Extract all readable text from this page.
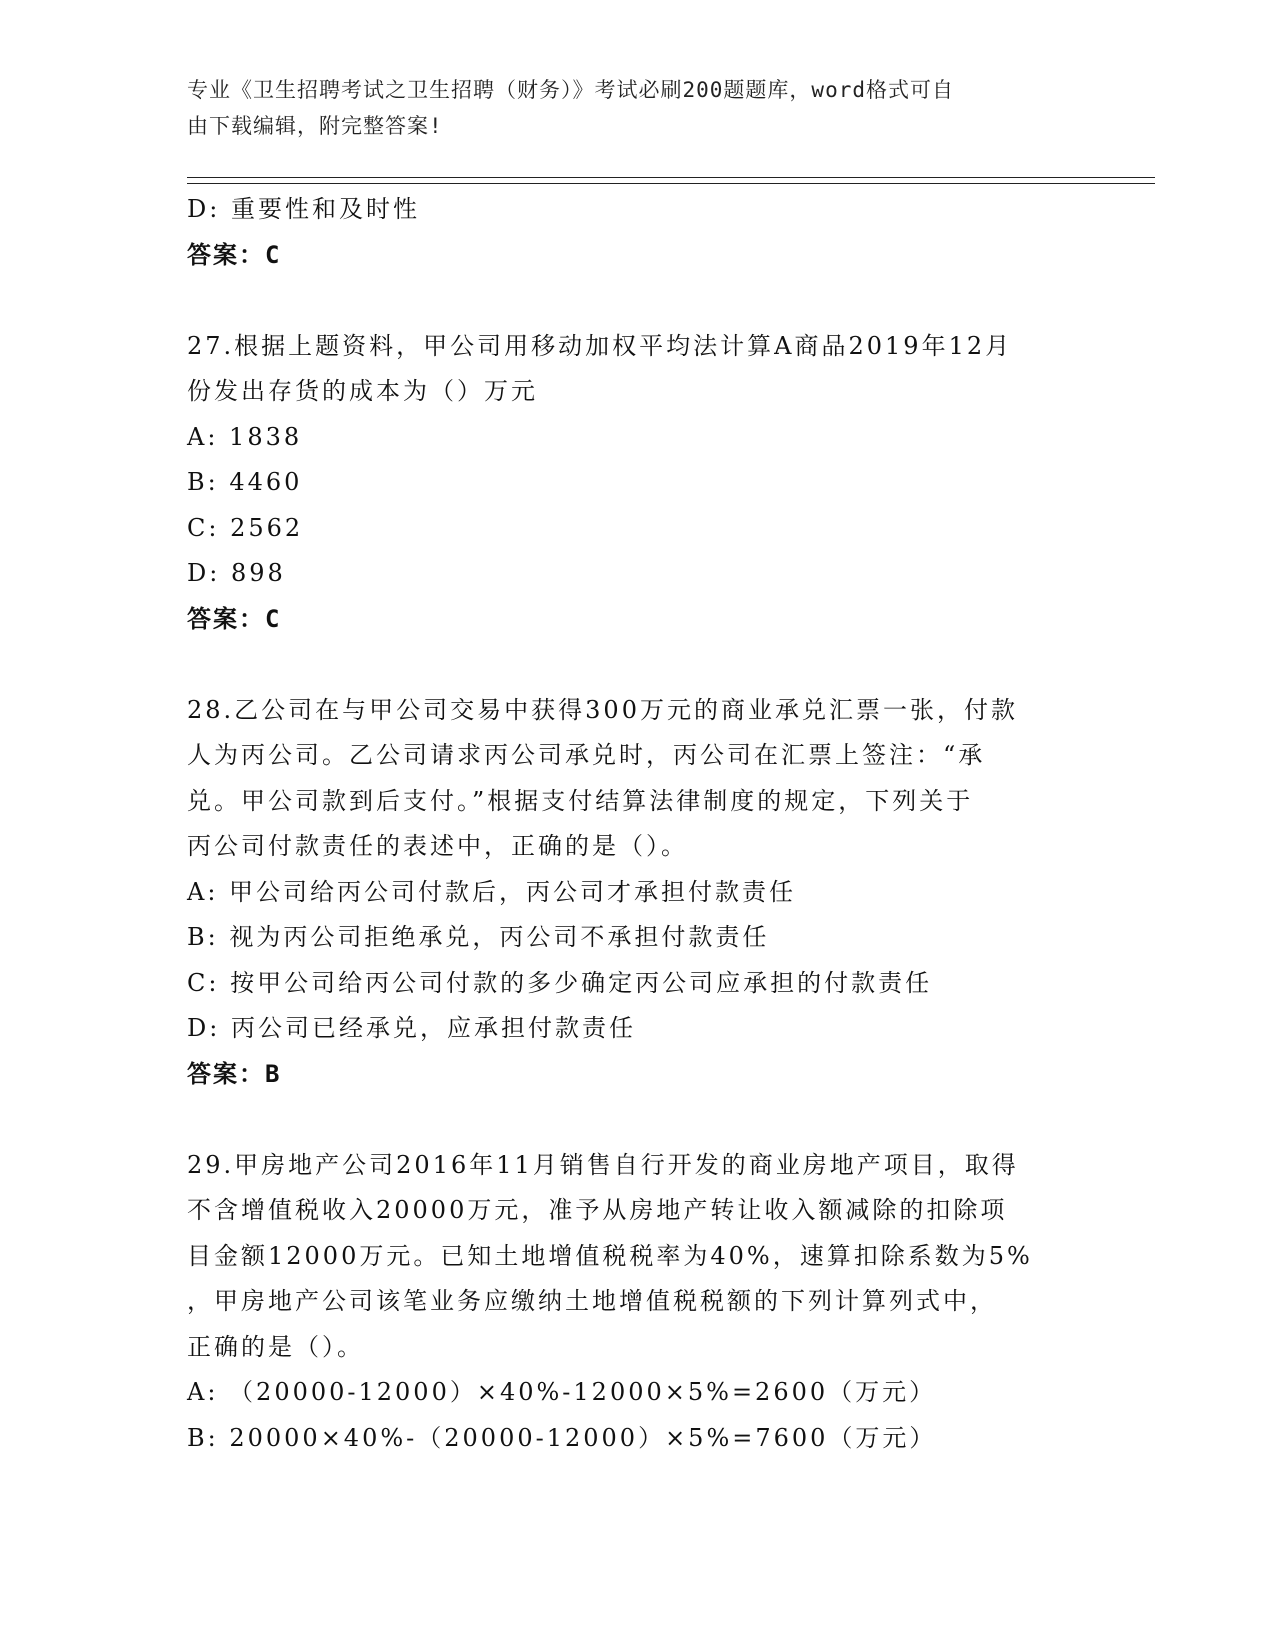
专业《卫生招聘考试之卫生招聘（财务）》考试必刷200题题库，word格式可自
由下载编辑，附完整答案!

D: 重要性和及时性

答案：C

27.根据上题资料，甲公司用移动加权平均法计算A商品2019年12月

份发出存货的成本为（）万元

A: 1838

B: 4460

C: 2562

D: 898

答案：C

28.乙公司在与甲公司交易中获得300万元的商业承兑汇票一张，付款

人为丙公司。乙公司请求丙公司承兑时，丙公司在汇票上签注：“承

兑。甲公司款到后支付。”根据支付结算法律制度的规定，下列关于

丙公司付款责任的表述中，正确的是（）。

A: 甲公司给丙公司付款后，丙公司才承担付款责任

B: 视为丙公司拒绝承兑，丙公司不承担付款责任

C: 按甲公司给丙公司付款的多少确定丙公司应承担的付款责任

D: 丙公司已经承兑，应承担付款责任

答案：B

29.甲房地产公司2016年11月销售自行开发的商业房地产项目，取得

不含增值税收入20000万元，准予从房地产转让收入额减除的扣除项

目金额12000万元。已知土地增值税税率为40%，速算扣除系数为5%

，甲房地产公司该笔业务应缴纳土地增值税税额的下列计算列式中，

正确的是（）。

A: （20000-12000）×40%-12000×5%=2600（万元）

B: 20000×40%-（20000-12000）×5%=7600（万元）
